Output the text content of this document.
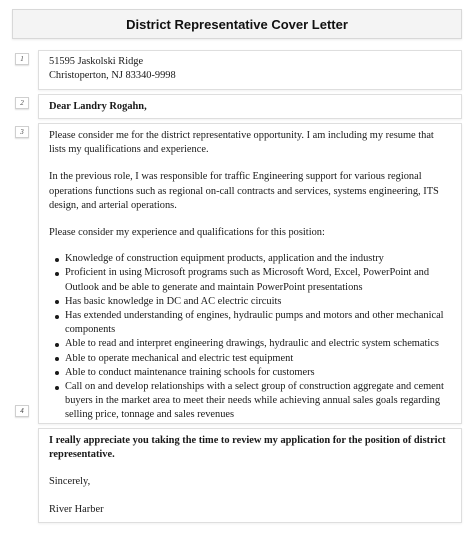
District Representative Cover Letter
1	51595 Jaskolski Ridge

Christoperton, NJ 83340-9998

2	Dear Landry Rogahn,

3	Please consider me for the district representative opportunity. I am including my resume that lists my qualifications and experience.

In the previous role, I was responsible for traffic Engineering support for various regional operations functions such as regional on-call contracts and services, systems engineering, ITS design, and arterial operations.

Please consider my experience and qualifications for this position:

Knowledge of construction equipment products, application and the industry
Proficient in using Microsoft programs such as Microsoft Word, Excel, PowerPoint and Outlook and be able to generate and maintain PowerPoint presentations
Has basic knowledge in DC and AC electric circuits
Has extended understanding of engines, hydraulic pumps and motors and other mechanical components
Able to read and interpret engineering drawings, hydraulic and electric system schematics
Able to operate mechanical and electric test equipment
Able to conduct maintenance training schools for customers
Call on and develop relationships with a select group of construction aggregate and cement buyers in the market area to meet their needs while achieving annual sales goals regarding selling price, tonnage and sales revenues
4

I really appreciate you taking the time to review my application for the position of district representative.

Sincerely,

River Harber
